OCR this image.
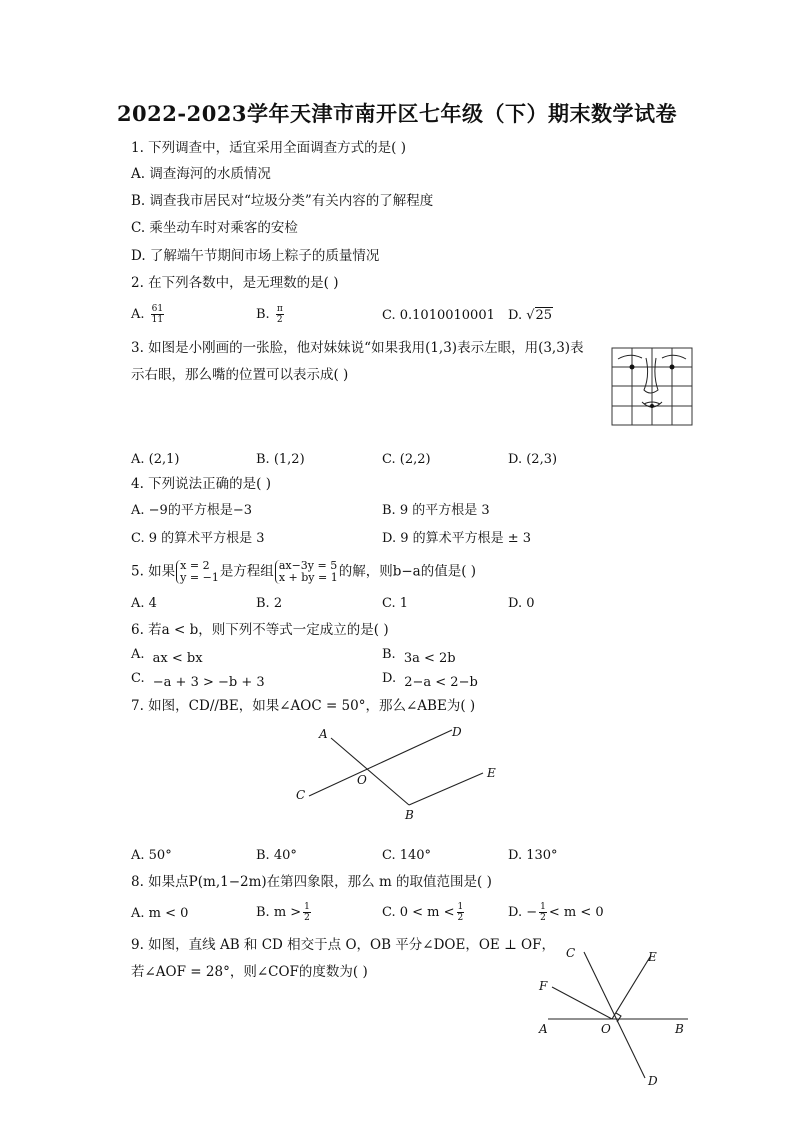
2022-2023学年天津市南开区七年级（下）期末数学试卷
1. 下列调查中，适宜采用全面调查方式的是( )
A. 调查海河的水质情况
B. 调查我市居民对“垃圾分类”有关内容的了解程度
C. 乘坐动车时对乘客的安检
D. 了解端午节期间市场上粽子的质量情况
2. 在下列各数中，是无理数的是( )
A. $\frac{61}{11}$	B. $\frac{\pi}{2}$	C. 0.1010010001 D. √25
3. 如图是小刚画的一张脸，他对妹妹说“如果我用(1,3)表示左眼，用(3,3)表
示右眼，那么嘴的位置可以表示成( )
A. (2,1)	B. (1,2)	C. (2,2)	D. (2,3)
4. 下列说法正确的是( )
A. −9的平方根是−3	B. 9 的平方根是 3
C. 9 的算术平方根是 3	D. 9 的算术平方根是 ± 3
5. 如果 x = 2
y = −1 是方程组 ax−3y = 5
x + by = 1 的解，则b−a的值是( )
A. 4	B. 2	C. 1	D. 0
6. 若a < b，则下列不等式一定成立的是( )
A. ax < bx	B. 3a < 2b
C. −a + 3 > −b + 3	D. 2−a < 2−b
7. 如图，CD//BE，如果∠AOC = 50°，那么∠ABE为( )
A	D
O	E
C
B
A. 50°	B. 40°	C. 140°	D. 130°
8. 如果点P(m,1−2m)在第四象限，那么 m 的取值范围是( )
A. m < 0	B. $m > \frac{1}{2}$	C. $0 < m < \frac{1}{2}$	D. − $\frac{1}{2} < m < 0$
9. 如图，直线 AB 和 CD 相交于点 O，OB 平分∠DOE，OE ⊥ OF，
若∠AOF = 28°，则∠COF的度数为( )
C	E
F
A	O	B
D
